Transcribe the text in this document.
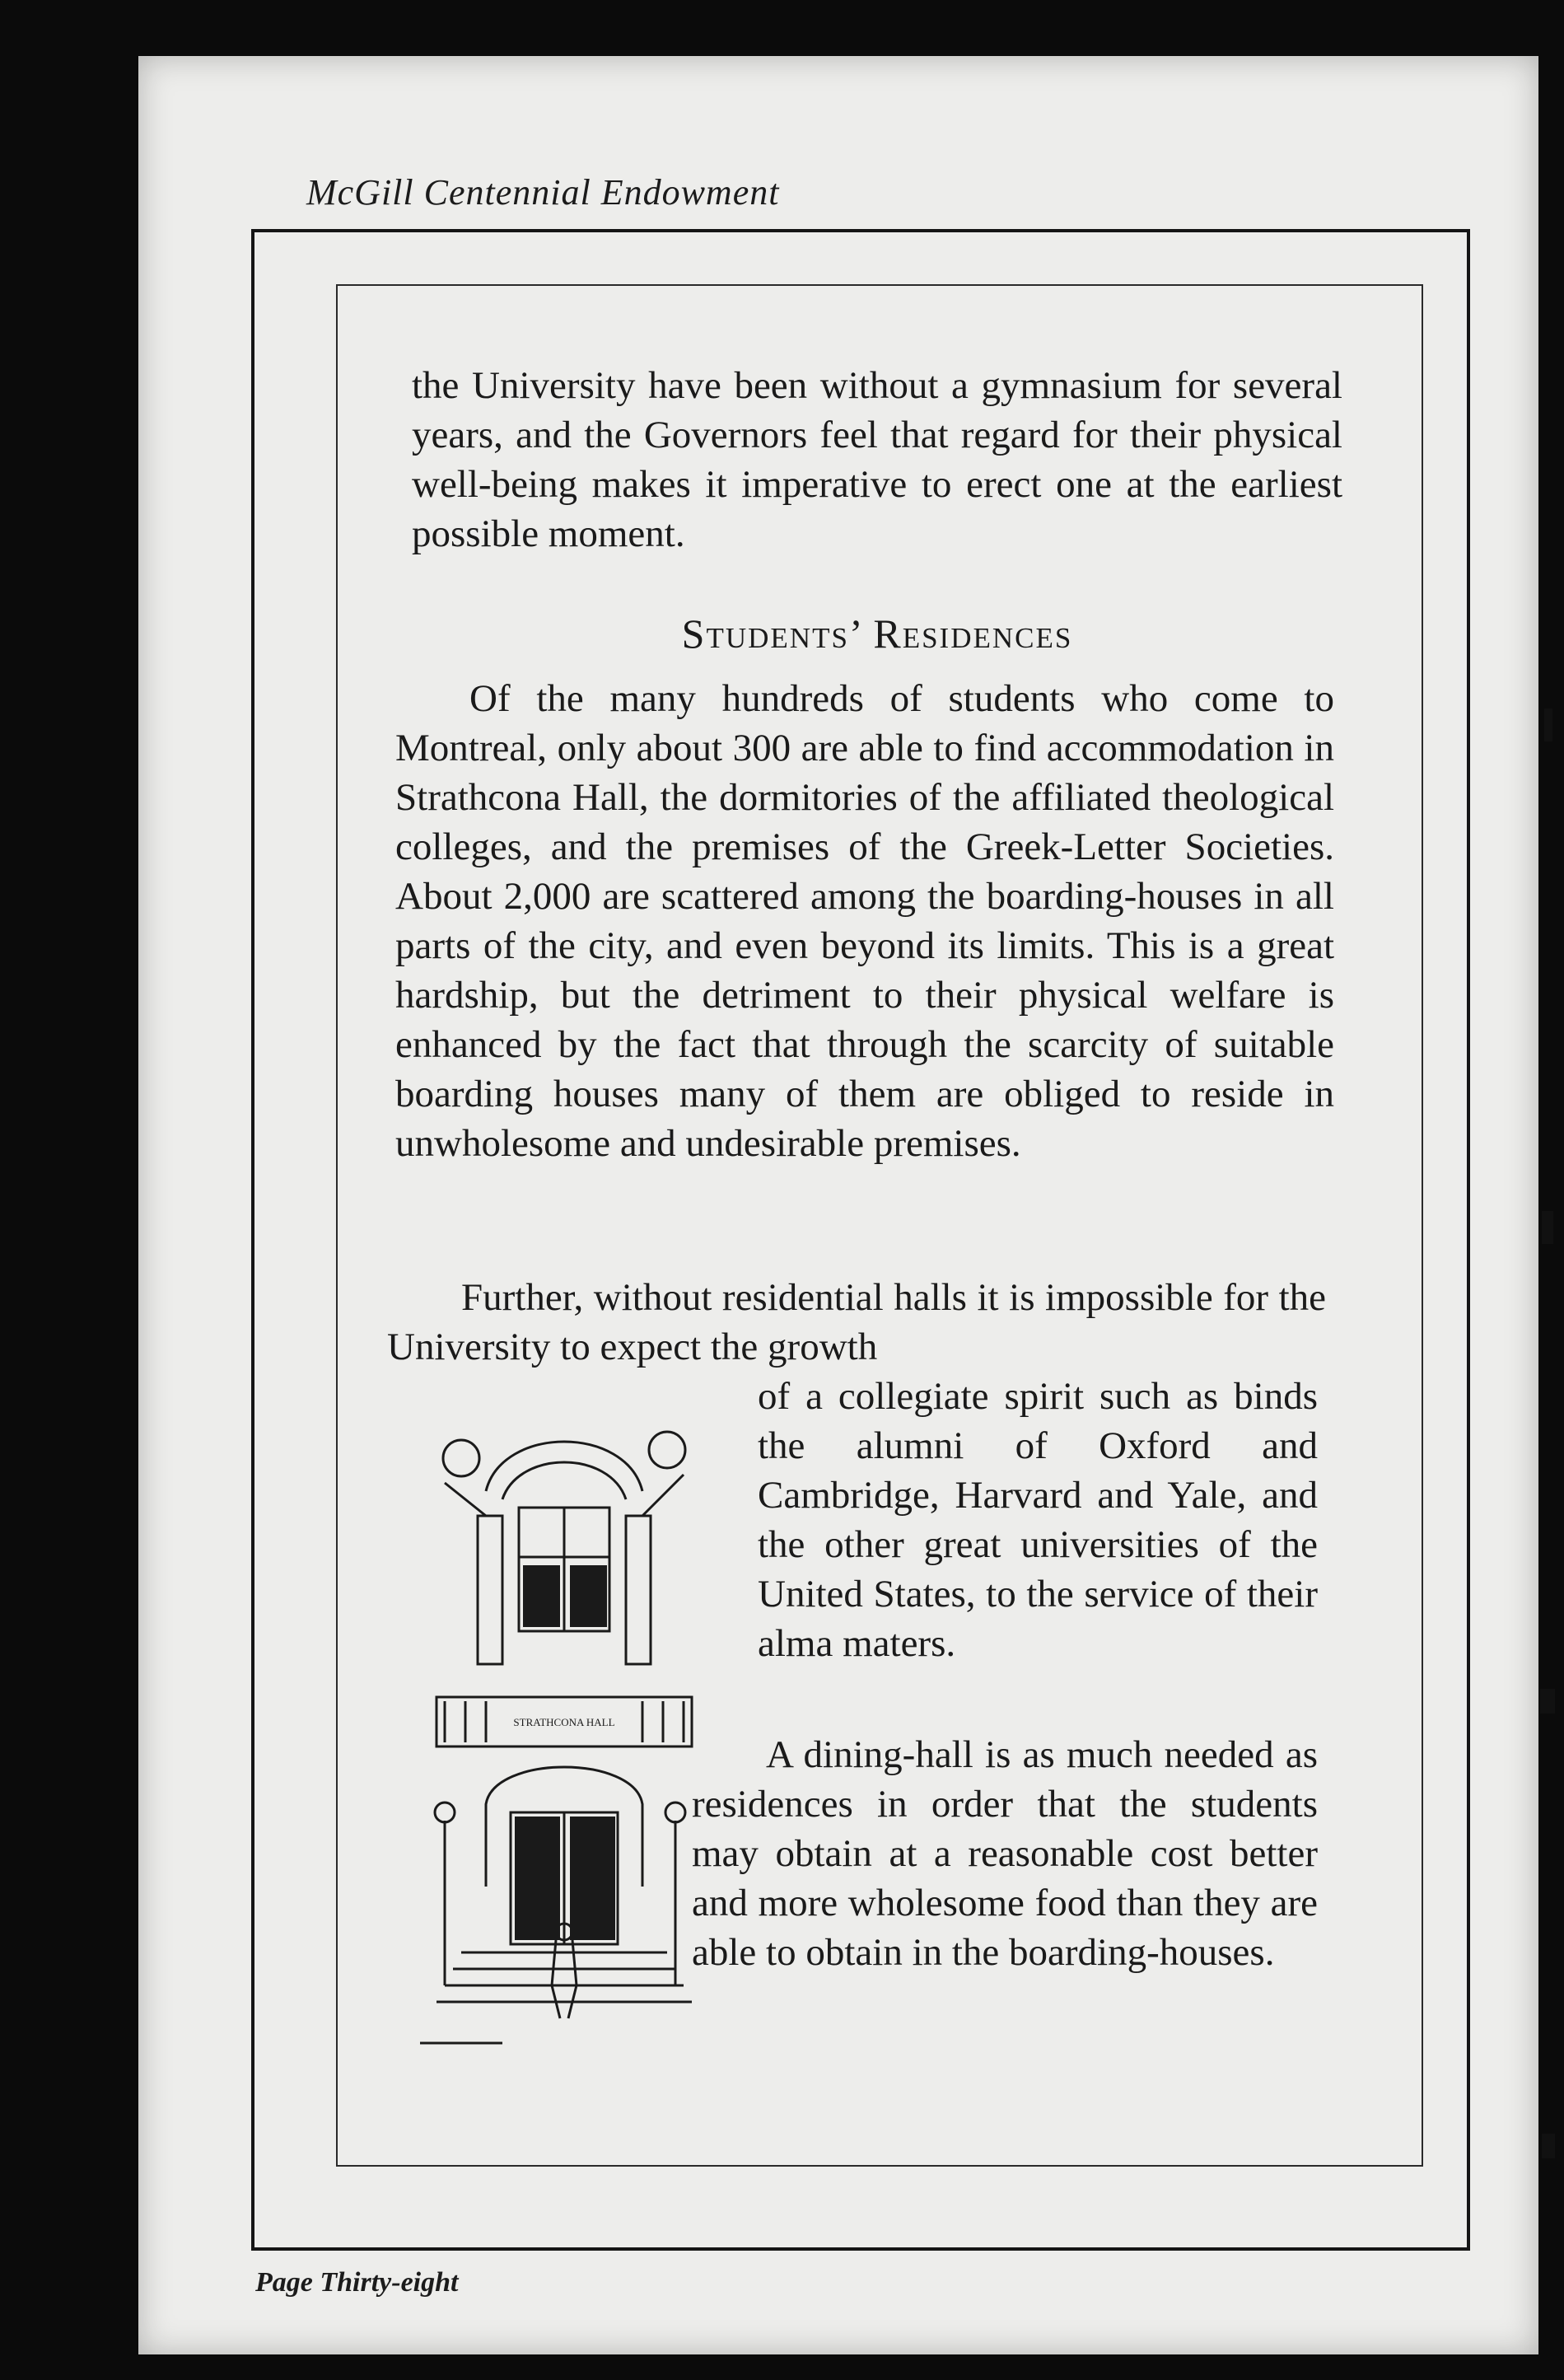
McGill Centennial Endowment
the University have been without a gymnasium for several years, and the Governors feel that regard for their physical well-being makes it imperative to erect one at the earliest possible moment.
Students’ Residences
Of the many hundreds of students who come to Montreal, only about 300 are able to find accommodation in Strathcona Hall, the dormitories of the affiliated theological colleges, and the premises of the Greek-Letter Societies. About 2,000 are scattered among the boarding-houses in all parts of the city, and even beyond its limits. This is a great hardship, but the detriment to their physical welfare is enhanced by the fact that through the scarcity of suitable boarding houses many of them are obliged to reside in unwholesome and undesirable premises.
Further, without residential halls it is impossible for the University to expect the growth
of a collegiate spirit such as binds the alumni of Oxford and Cambridge, Harvard and Yale, and the other great universities of the United States, to the service of their alma maters.
A dining-hall is as much needed as residences in order that the students may obtain at a reasonable cost better and more wholesome food than they are able to obtain in the boarding-houses.
STRATHCONA HALL
Page Thirty-eight
